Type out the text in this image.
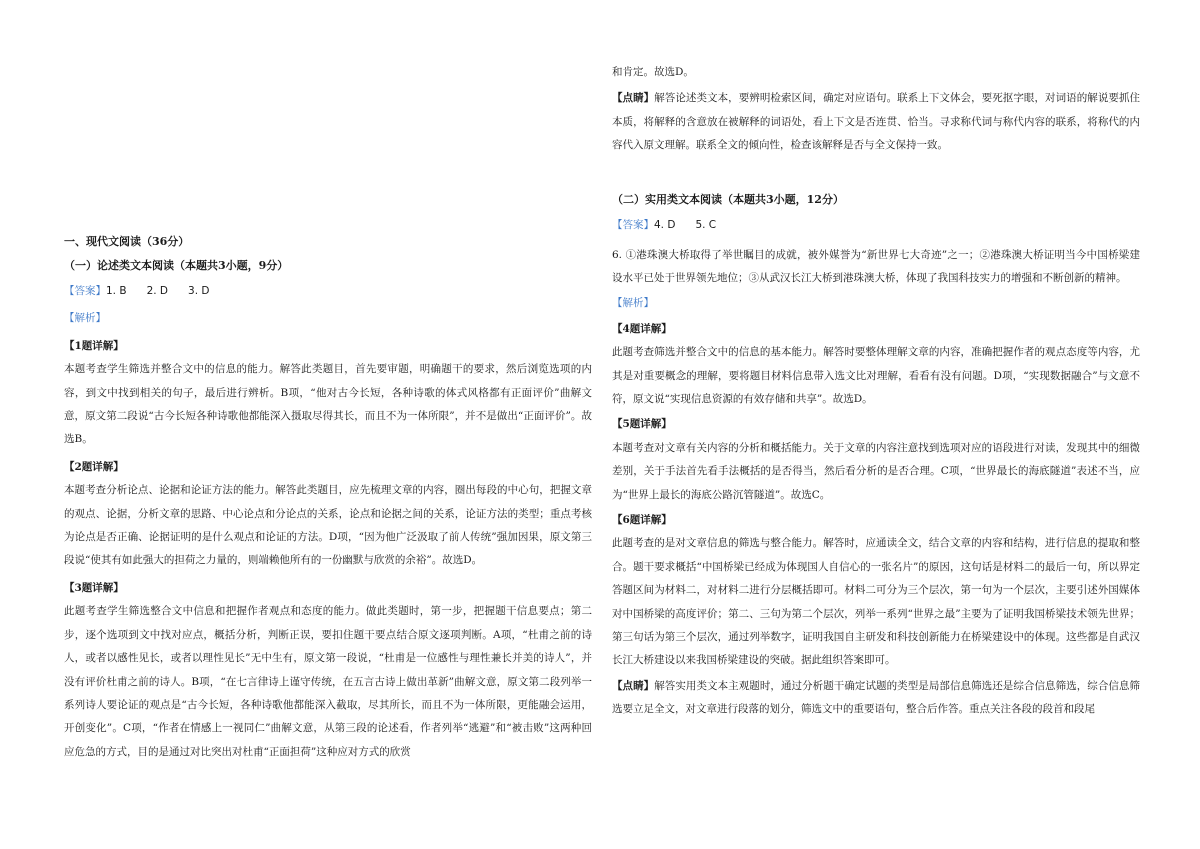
一、现代文阅读（36分）

（一）论述类文本阅读（本题共3小题，9分）

【答案】1. B 2. D 3. D

【解析】

【1题详解】

本题考查学生筛选并整合文中的信息的能力。解答此类题目，首先要审题，明确题干的要求，然后浏览选项的内容，到文中找到相关的句子，最后进行辨析。B项，“他对古今长短，各种诗歌的体式风格都有正面评价”曲解文意，原文第二段说“古今长短各种诗歌他都能深入摄取尽得其长，而且不为一体所限”，并不是做出“正面评价”。故选B。

【2题详解】

本题考查分析论点、论据和论证方法的能力。解答此类题目，应先梳理文章的内容，圈出每段的中心句，把握文章的观点、论据，分析文章的思路、中心论点和分论点的关系，论点和论据之间的关系，论证方法的类型；重点考核为论点是否正确、论据证明的是什么观点和论证的方法。D项，“因为他广泛汲取了前人传统”强加因果，原文第三段说“使其有如此强大的担荷之力量的，则端赖他所有的一份幽默与欣赏的余裕”。故选D。

【3题详解】

此题考查学生筛选整合文中信息和把握作者观点和态度的能力。做此类题时，第一步，把握题干信息要点；第二步，逐个选项到文中找对应点，概括分析，判断正误，要扣住题干要点结合原文逐项判断。A项，“杜甫之前的诗人，或者以感性见长，或者以理性见长”无中生有，原文第一段说，“杜甫是一位感性与理性兼长并美的诗人”，并没有评价杜甫之前的诗人。B项，“在七言律诗上谨守传统，在五言古诗上做出革新”曲解文意，原文第二段列举一系列诗人要论证的观点是“古今长短，各种诗歌他都能深入截取，尽其所长，而且不为一体所限，更能融会运用，开创变化”。C项，“作者在情感上一视同仁”曲解文意，从第三段的论述看，作者列举“逃避”和“被击败”这两种回应危急的方式，目的是通过对比突出对杜甫“正面担荷”这种应对方式的欣赏

和肯定。故选D。

【点睛】解答论述类文本，要辨明检索区间，确定对应语句。联系上下文体会，要死抠字眼，对词语的解说要抓住本质，将解释的含意放在被解释的词语处，看上下文是否连贯、恰当。寻求称代词与称代内容的联系，将称代的内容代入原文理解。联系全文的倾向性，检查该解释是否与全文保持一致。

（二）实用类文本阅读（本题共3小题，12分）

【答案】4. D 5. C

6. ①港珠澳大桥取得了举世瞩目的成就，被外媒誉为“新世界七大奇迹”之一；②港珠澳大桥证明当今中国桥梁建设水平已处于世界领先地位；③从武汉长江大桥到港珠澳大桥，体现了我国科技实力的增强和不断创新的精神。

【解析】

【4题详解】

此题考查筛选并整合文中的信息的基本能力。解答时要整体理解文章的内容，准确把握作者的观点态度等内容，尤其是对重要概念的理解，要将题目材料信息带入选文比对理解，看看有没有问题。D项，“实现数据融合”与文意不符，原文说“实现信息资源的有效存储和共享”。故选D。

【5题详解】

本题考查对文章有关内容的分析和概括能力。关于文章的内容注意找到选项对应的语段进行对读，发现其中的细微差别，关于手法首先看手法概括的是否得当，然后看分析的是否合理。C项，“世界最长的海底隧道”表述不当，应为“世界上最长的海底公路沉管隧道”。故选C。

【6题详解】

此题考查的是对文章信息的筛选与整合能力。解答时，应通读全文，结合文章的内容和结构，进行信息的提取和整合。题干要求概括“中国桥梁已经成为体现国人自信心的一张名片”的原因，这句话是材料二的最后一句，所以界定答题区间为材料二，对材料二进行分层概括即可。材料二可分为三个层次，第一句为一个层次，主要引述外国媒体对中国桥梁的高度评价；第二、三句为第二个层次，列举一系列“世界之最”主要为了证明我国桥梁技术领先世界；第三句话为第三个层次，通过列举数字，证明我国自主研发和科技创新能力在桥梁建设中的体现。这些都是自武汉长江大桥建设以来我国桥梁建设的突破。据此组织答案即可。

【点睛】解答实用类文本主观题时，通过分析题干确定试题的类型是局部信息筛选还是综合信息筛选，综合信息筛选要立足全文，对文章进行段落的划分，筛选文中的重要语句，整合后作答。重点关注各段的段首和段尾
